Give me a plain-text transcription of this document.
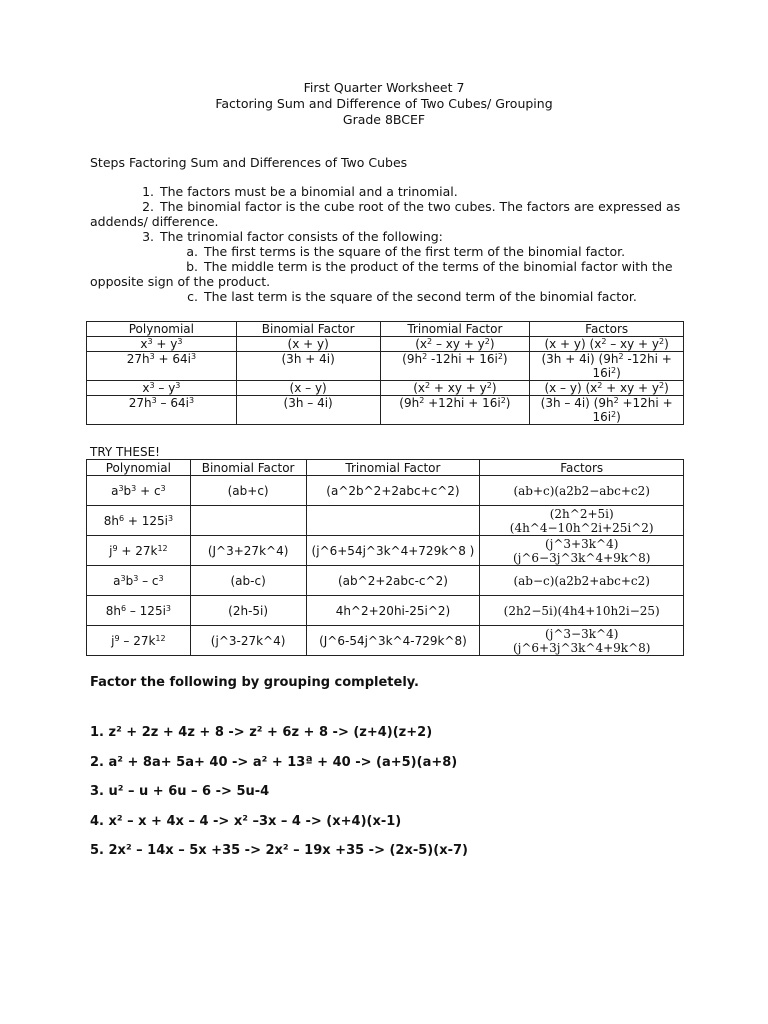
First Quarter Worksheet 7
Factoring Sum and Difference of Two Cubes/ Grouping
Grade 8BCEF
Steps Factoring Sum and Differences of Two Cubes
1. The factors must be a binomial and a trinomial.
2. The binomial factor is the cube root of the two cubes. The factors are expressed as
addends/ difference.
3. The trinomial factor consists of the following:
a. The first terms is the square of the first term of the binomial factor.
b. The middle term is the product of the terms of the binomial factor with the
opposite sign of the product.
c. The last term is the square of the second term of the binomial factor.
Polynomial	Binomial Factor	Trinomial Factor	Factors
$x^3 + y^3$	(x + y)	($x^2$ – xy + $y^2$)	(x + y) ($x^2$ – xy + $y^2$)
$27h^3 + 64i^3$	(3h + 4i)	($9h^2$ $-12hi + 16i^2$)	(3h + 4i) ($9h^2$ -12hi +
$16i^2$)
$x^3 - y^3$	(x – y)	($x^2$ + xy + $y^2$)	(x – y) ($x^2$ + xy + $y^2$)
$27h^3 - 64i^3$	(3h – 4i)	$(9h^2 +12hi + 16i^2)$	(3h – 4i) ($9h^2 +12hi$ +
$16i^2$)
TRY THESE!
Polynomial	Binomial Factor	Trinomial Factor	Factors
$a^3b^3 + c^3$	(ab+c)	(a^2b^2+2abc+c^2)	(ab+c)(a2b2−abc+c2)
$8h^6 + 125i^3$			(2h^2+5i)(4h^4−10h^2i+25i^2)
$j^9 + 27k^{12}$	(J^3+27k^4)	(j^6+54j^3k^4+729k^8 )	(j^3+3k^4)(j^6−3j^3k^4+9k^8)
$a^3b^3 - c^3$	(ab-c)	(ab^2+2abc-c^2)	(ab−c)(a2b2+abc+c2)
$8h^6 - 125i^3$	(2h-5i)	4h^2+20hi-25i^2)	(2h2−5i)(4h4+10h2i−25)
$j^9 - 27k^{12}$	(j^3-27k^4)	(J^6-54j^3k^4-729k^8)	(j^3−3k^4)(j^6+3j^3k^4+9k^8)
Factor the following by grouping completely.
1. z² + 2z + 4z + 8 -> z² + 6z + 8 -> (z+4)(z+2)
2. a² + 8a+ 5a+ 40 -> a² + 13ª + 40 -> (a+5)(a+8)
3. u² – u + 6u – 6 -> 5u-4
4. x² – x + 4x – 4 -> x² –3x – 4 -> (x+4)(x-1)
5. 2x² – 14x – 5x +35 -> 2x² – 19x +35 -> (2x-5)(x-7)
